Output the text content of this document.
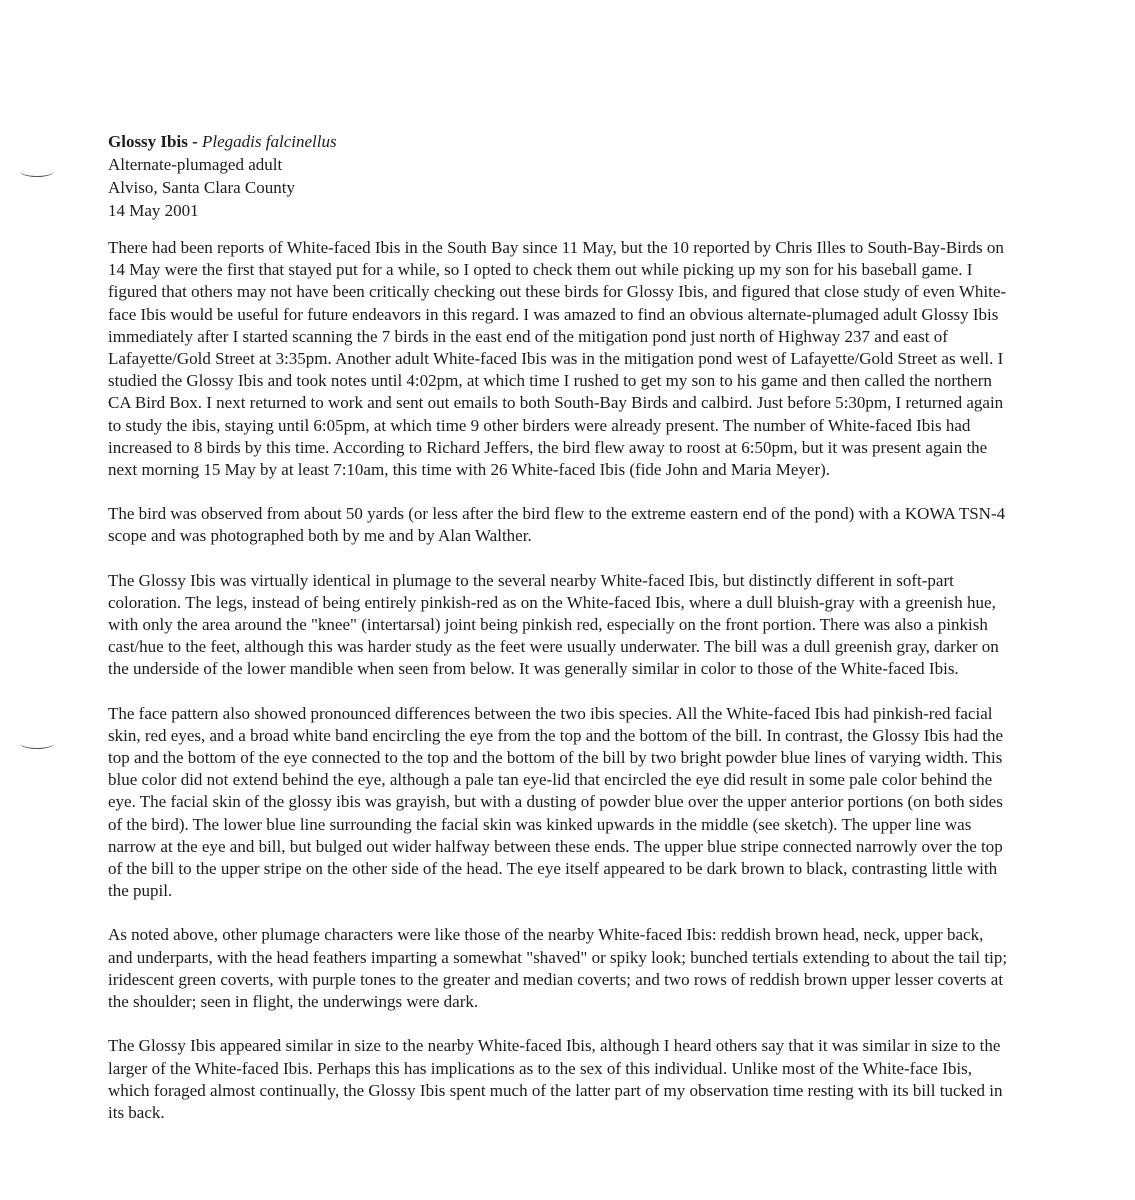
Glossy Ibis - Plegadis falcinellus
Alternate-plumaged adult
Alviso, Santa Clara County
14 May 2001

There had been reports of White-faced Ibis in the South Bay since 11 May, but the 10 reported by Chris Illes to South-Bay-Birds on 14 May were the first that stayed put for a while, so I opted to check them out while picking up my son for his baseball game. I figured that others may not have been critically checking out these birds for Glossy Ibis, and figured that close study of even White-face Ibis would be useful for future endeavors in this regard. I was amazed to find an obvious alternate-plumaged adult Glossy Ibis immediately after I started scanning the 7 birds in the east end of the mitigation pond just north of Highway 237 and east of Lafayette/Gold Street at 3:35pm. Another adult White-faced Ibis was in the mitigation pond west of Lafayette/Gold Street as well. I studied the Glossy Ibis and took notes until 4:02pm, at which time I rushed to get my son to his game and then called the northern CA Bird Box. I next returned to work and sent out emails to both South-Bay Birds and calbird. Just before 5:30pm, I returned again to study the ibis, staying until 6:05pm, at which time 9 other birders were already present. The number of White-faced Ibis had increased to 8 birds by this time. According to Richard Jeffers, the bird flew away to roost at 6:50pm, but it was present again the next morning 15 May by at least 7:10am, this time with 26 White-faced Ibis (fide John and Maria Meyer).

The bird was observed from about 50 yards (or less after the bird flew to the extreme eastern end of the pond) with a KOWA TSN-4 scope and was photographed both by me and by Alan Walther.

The Glossy Ibis was virtually identical in plumage to the several nearby White-faced Ibis, but distinctly different in soft-part coloration. The legs, instead of being entirely pinkish-red as on the White-faced Ibis, where a dull bluish-gray with a greenish hue, with only the area around the "knee" (intertarsal) joint being pinkish red, especially on the front portion. There was also a pinkish cast/hue to the feet, although this was harder study as the feet were usually underwater. The bill was a dull greenish gray, darker on the underside of the lower mandible when seen from below. It was generally similar in color to those of the White-faced Ibis.

The face pattern also showed pronounced differences between the two ibis species. All the White-faced Ibis had pinkish-red facial skin, red eyes, and a broad white band encircling the eye from the top and the bottom of the bill. In contrast, the Glossy Ibis had the top and the bottom of the eye connected to the top and the bottom of the bill by two bright powder blue lines of varying width. This blue color did not extend behind the eye, although a pale tan eye-lid that encircled the eye did result in some pale color behind the eye. The facial skin of the glossy ibis was grayish, but with a dusting of powder blue over the upper anterior portions (on both sides of the bird). The lower blue line surrounding the facial skin was kinked upwards in the middle (see sketch). The upper line was narrow at the eye and bill, but bulged out wider halfway between these ends. The upper blue stripe connected narrowly over the top of the bill to the upper stripe on the other side of the head. The eye itself appeared to be dark brown to black, contrasting little with the pupil.

As noted above, other plumage characters were like those of the nearby White-faced Ibis: reddish brown head, neck, upper back, and underparts, with the head feathers imparting a somewhat "shaved" or spiky look; bunched tertials extending to about the tail tip; iridescent green coverts, with purple tones to the greater and median coverts; and two rows of reddish brown upper lesser coverts at the shoulder; seen in flight, the underwings were dark.

The Glossy Ibis appeared similar in size to the nearby White-faced Ibis, although I heard others say that it was similar in size to the larger of the White-faced Ibis. Perhaps this has implications as to the sex of this individual. Unlike most of the White-face Ibis, which foraged almost continually, the Glossy Ibis spent much of the latter part of my observation time resting with its bill tucked in its back.
